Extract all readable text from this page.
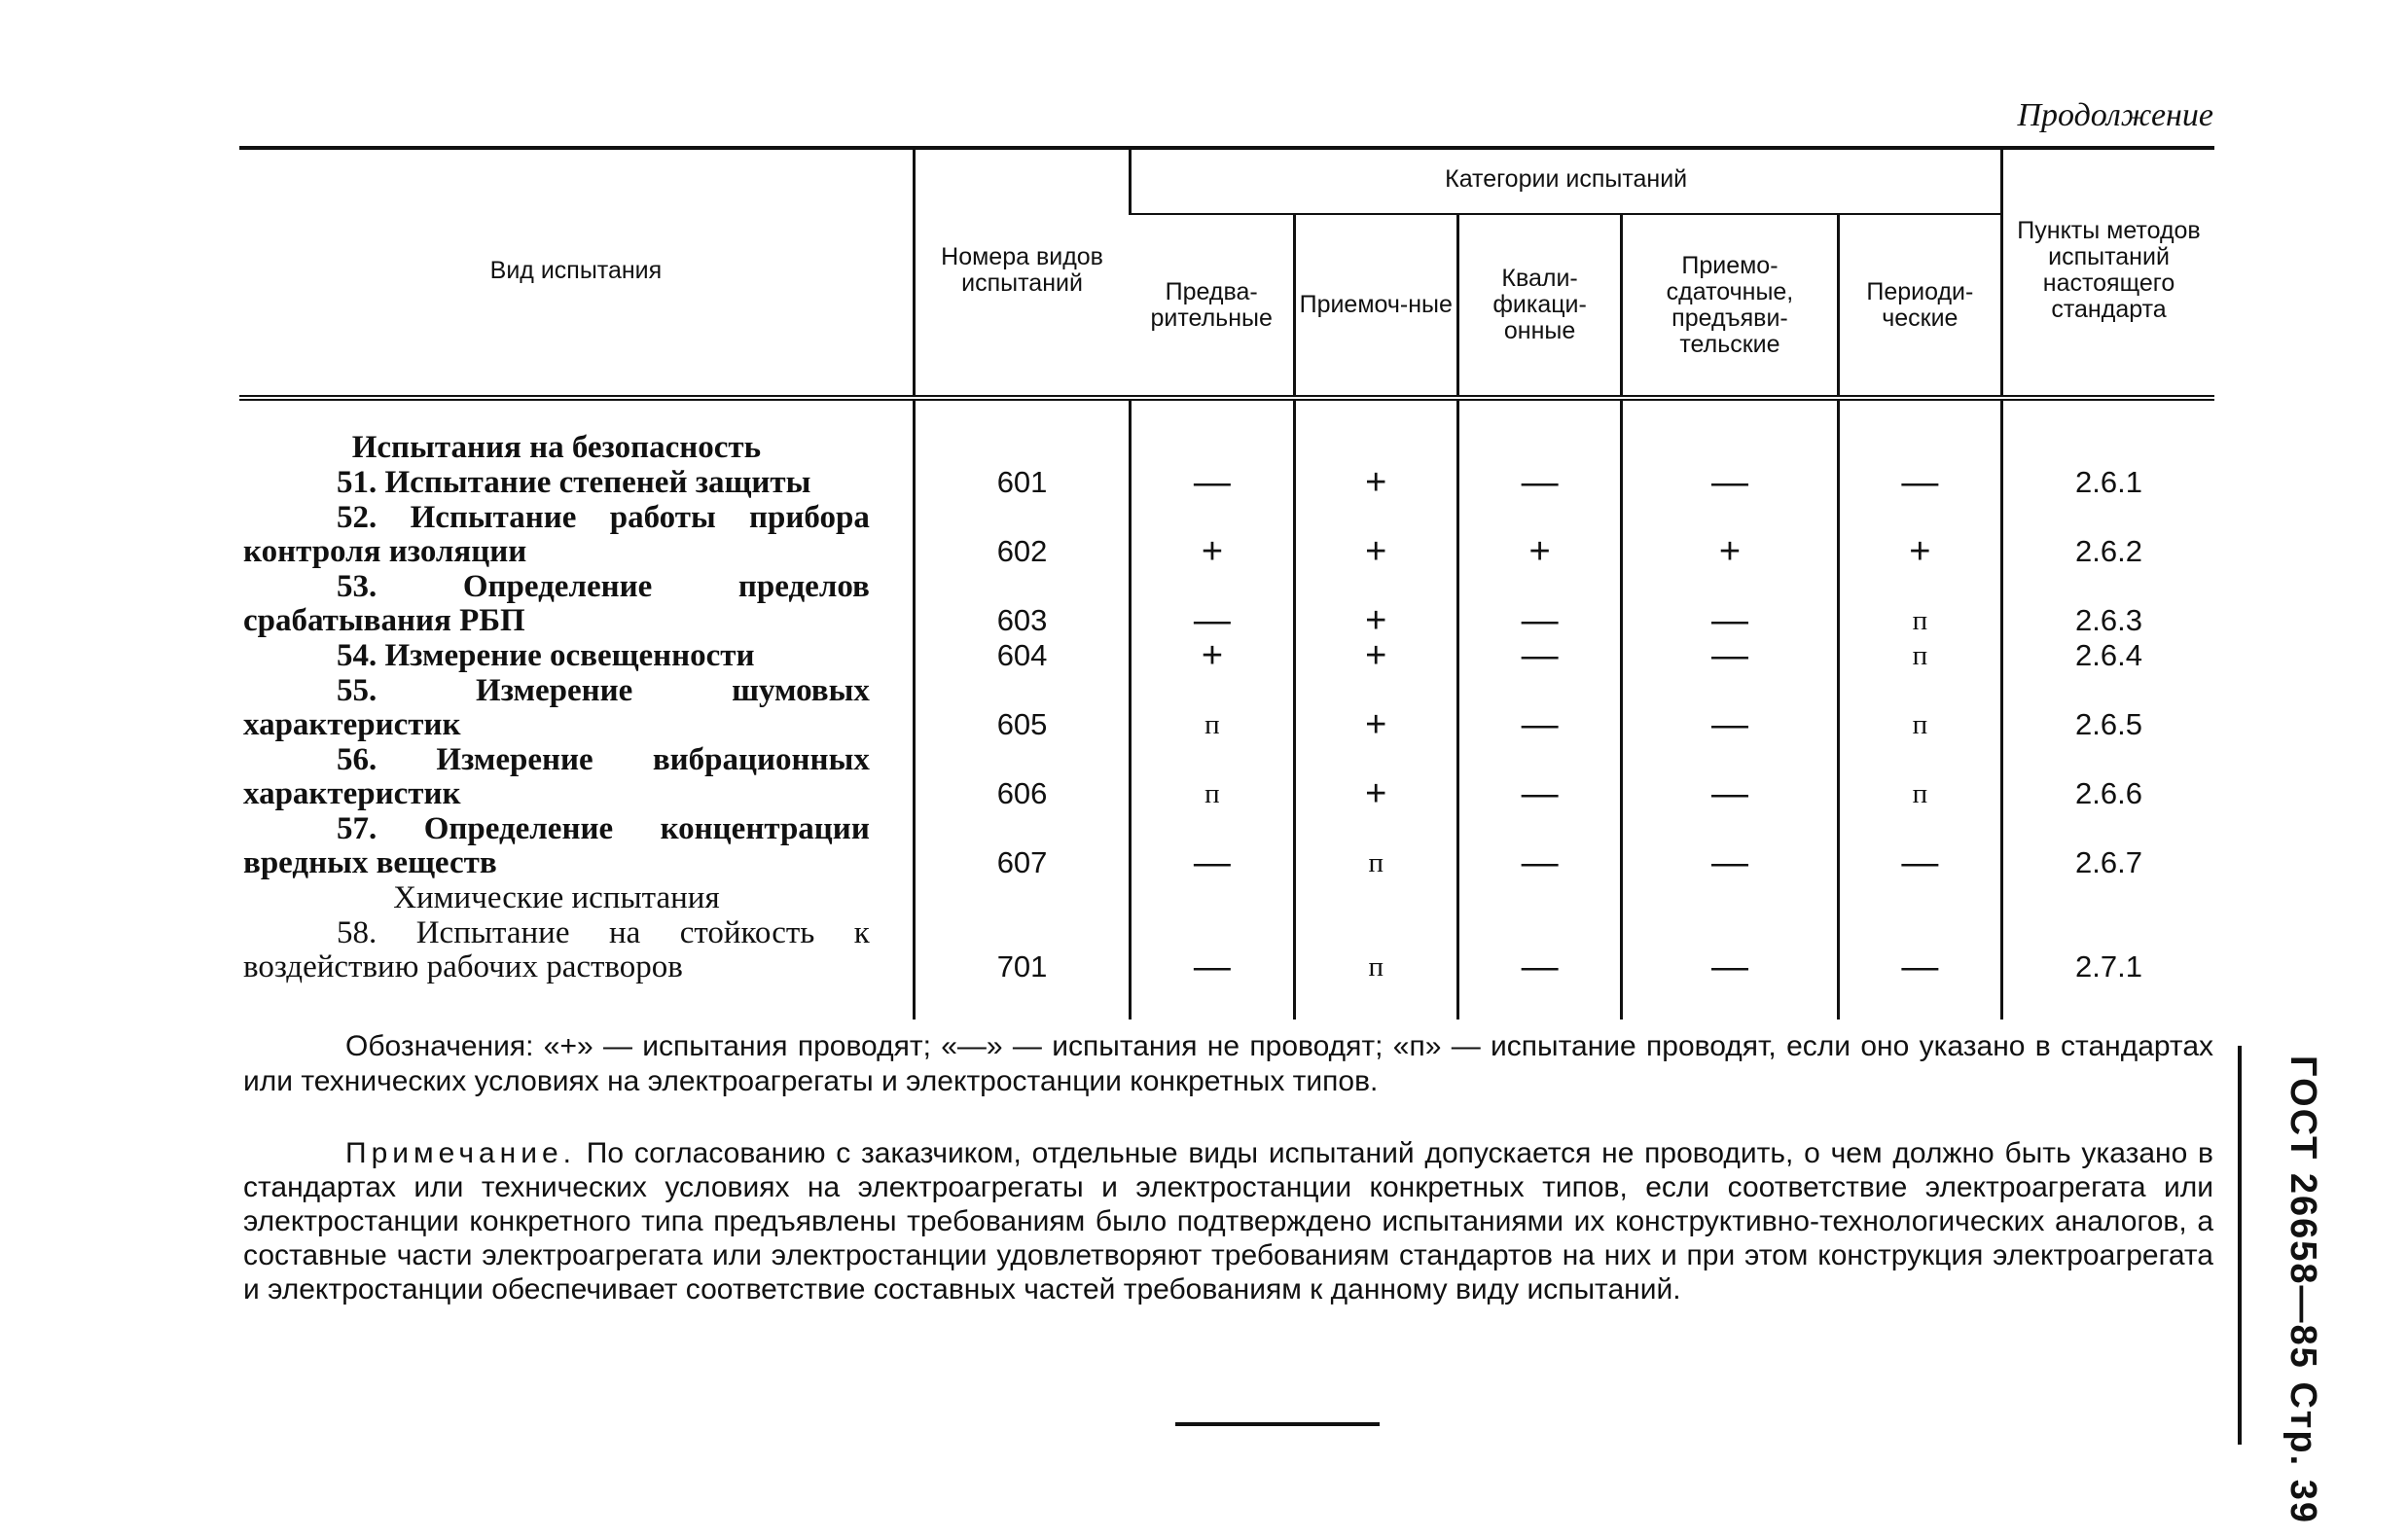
Продолжение
Вид испытания	Номера видов испытаний	Категории испытаний					Пункты методов испытаний настоящего стандарта
		Предва-рительные	Приемоч-ные	Квали-фикаци-онные	Приемо-сдаточные, предъяви-тельские	Периоди-ческие	

Испытания на безопасность							

51. Испытание степеней защиты	601	—	+	—	—	—	2.6.1

52. Испытание работы прибора контроля изоляции	602	+	+	+	+	+	2.6.2

53. Определение пределов срабатывания РБП	603	—	+	—	—	п	2.6.3

54. Измерение освещенности	604	+	+	—	—	п	2.6.4

55. Измерение шумовых характеристик	605	п	+	—	—	п	2.6.5

56. Измерение вибрационных характеристик	606	п	+	—	—	п	2.6.6

57. Определение концентрации вредных веществ	607	—	п	—	—	—	2.6.7

Химические испытания							

58. Испытание на стойкость к воздействию рабочих растворов	701	—	п	—	—	—	2.7.1

Обозначения: «+» — испытания проводят; «—» — испытания не проводят; «п» — испытание проводят, если оно указано в стандартах или технических условиях на электроагрегаты и электростанции конкретных типов.
Примечание. По согласованию с заказчиком, отдельные виды испытаний допускается не проводить, о чем должно быть указано в стандартах или технических условиях на электроагрегаты и электростанции конкретных типов, если соответствие электроагрегата или электростанции конкретного типа предъявлены требованиям было подтверждено испытаниями их конструктивно-технологических аналогов, а составные части электроагрегата или электростанции удовлетворяют требованиям стандартов на них и при этом конструкция электроагрегата и электростанции обеспечивает соответствие составных частей требованиям к данному виду испытаний.	ГОСТ 26658—85 Стр. 39
